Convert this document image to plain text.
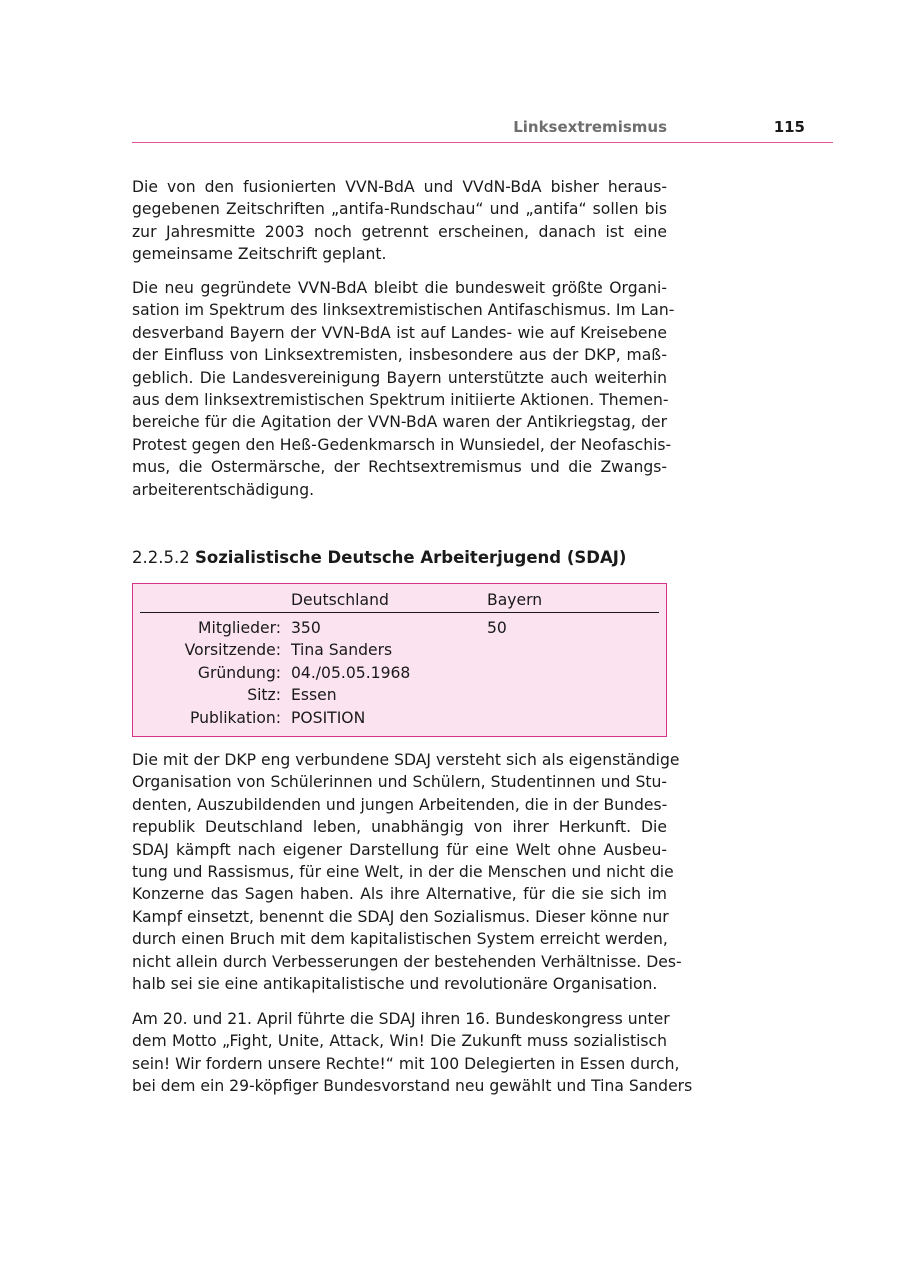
Linksextremismus	115

Die von den fusionierten VVN-BdA und VVdN-BdA bisher heraus-
gegebenen Zeitschriften „antifa-Rundschau“ und „antifa“ sollen bis
zur Jahresmitte 2003 noch getrennt erscheinen, danach ist eine
gemeinsame Zeitschrift geplant.

Die neu gegründete VVN-BdA bleibt die bundesweit größte Organi-
sation im Spektrum des linksextremistischen Antifaschismus. Im Lan-
desverband Bayern der VVN-BdA ist auf Landes- wie auf Kreisebene
der Einfluss von Linksextremisten, insbesondere aus der DKP, maß-
geblich. Die Landesvereinigung Bayern unterstützte auch weiterhin
aus dem linksextremistischen Spektrum initiierte Aktionen. Themen-
bereiche für die Agitation der VVN-BdA waren der Antikriegstag, der
Protest gegen den Heß-Gedenkmarsch in Wunsiedel, der Neofaschis-
mus, die Ostermärsche, der Rechtsextremismus und die Zwangs-
arbeiterentschädigung.

2.2.5.2 Sozialistische Deutsche Arbeiterjugend (SDAJ)
Deutschland	Bayern
Mitglieder: 350	50
Vorsitzende: Tina Sanders
Gründung: 04./05.05.1968
Sitz: Essen
Publikation: POSITION

Die mit der DKP eng verbundene SDAJ versteht sich als eigenständige
Organisation von Schülerinnen und Schülern, Studentinnen und Stu-
denten, Auszubildenden und jungen Arbeitenden, die in der Bundes-
republik Deutschland leben, unabhängig von ihrer Herkunft. Die
SDAJ kämpft nach eigener Darstellung für eine Welt ohne Ausbeu-
tung und Rassismus, für eine Welt, in der die Menschen und nicht die
Konzerne das Sagen haben. Als ihre Alternative, für die sie sich im
Kampf einsetzt, benennt die SDAJ den Sozialismus. Dieser könne nur
durch einen Bruch mit dem kapitalistischen System erreicht werden,
nicht allein durch Verbesserungen der bestehenden Verhältnisse. Des-
halb sei sie eine antikapitalistische und revolutionäre Organisation.

Am 20. und 21. April führte die SDAJ ihren 16. Bundeskongress unter
dem Motto „Fight, Unite, Attack, Win! Die Zukunft muss sozialistisch
sein! Wir fordern unsere Rechte!“ mit 100 Delegierten in Essen durch,
bei dem ein 29-köpfiger Bundesvorstand neu gewählt und Tina Sanders
